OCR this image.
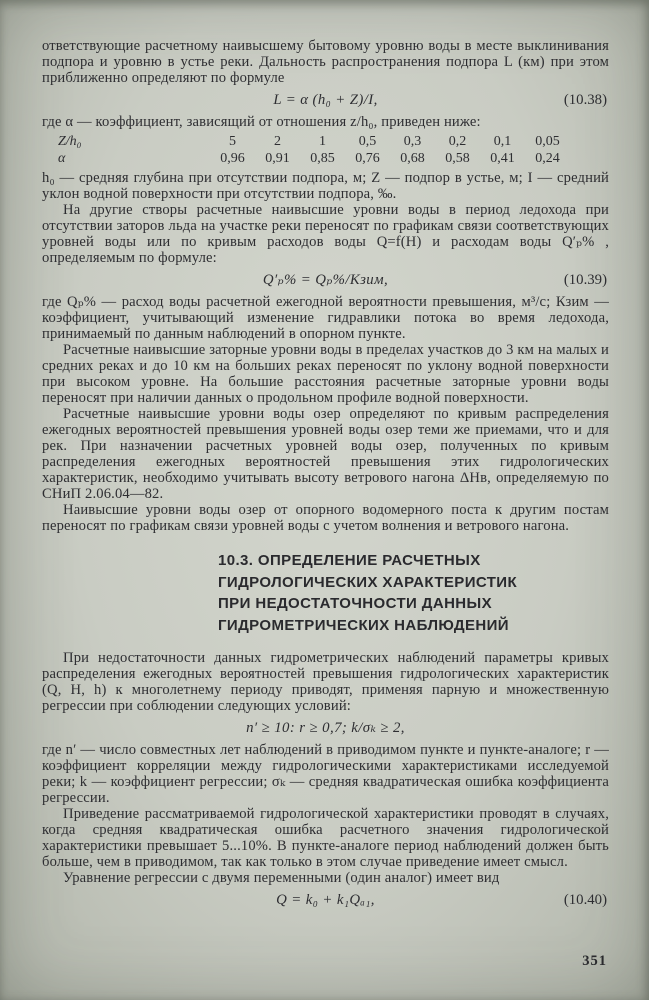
ответствующие расчетному наивысшему бытовому уровню воды в месте выклинивания подпора и уровню в устье реки. Дальность распространения подпора L (км) при этом приближенно определяют по формуле

L = α (h₀ + Z)/I,	(10.38)

где α — коэффициент, зависящий от отношения z/h₀, приведен ниже:

Z/h₀	5	2	1	0,5	0,3	0,2	0,1	0,05
α	0,96	0,91	0,85	0,76	0,68	0,58	0,41	0,24

h₀ — средняя глубина при отсутствии подпора, м; Z — подпор в устье, м; I — средний уклон водной поверхности при отсутствии подпора, ‰.

На другие створы расчетные наивысшие уровни воды в период ледохода при отсутствии заторов льда на участке реки переносят по графикам связи соответствующих уровней воды или по кривым расходов воды Q=f(H) и расходам воды Q′ₚ% , определяемым по формуле:

Q′ₚ% = Qₚ%/Кзим,	(10.39)

где Qₚ% — расход воды расчетной ежегодной вероятности превышения, м³/с; Кзим — коэффициент, учитывающий изменение гидравлики потока во время ледохода, принимаемый по данным наблюдений в опорном пункте.

Расчетные наивысшие заторные уровни воды в пределах участков до 3 км на малых и средних реках и до 10 км на больших реках переносят по уклону водной поверхности при высоком уровне. На большие расстояния расчетные заторные уровни воды переносят при наличии данных о продольном профиле водной поверхности.

Расчетные наивысшие уровни воды озер определяют по кривым распределения ежегодных вероятностей превышения уровней воды озер теми же приемами, что и для рек. При назначении расчетных уровней воды озер, полученных по кривым распределения ежегодных вероятностей превышения этих гидрологических характеристик, необходимо учитывать высоту ветрового нагона ΔHв, определяемую по СНиП 2.06.04—82.

Наивысшие уровни воды озер от опорного водомерного поста к другим постам переносят по графикам связи уровней воды с учетом волнения и ветрового нагона.

10.3. ОПРЕДЕЛЕНИЕ РАСЧЕТНЫХ
ГИДРОЛОГИЧЕСКИХ ХАРАКТЕРИСТИК
ПРИ НЕДОСТАТОЧНОСТИ ДАННЫХ
ГИДРОМЕТРИЧЕСКИХ НАБЛЮДЕНИЙ

При недостаточности данных гидрометрических наблюдений параметры кривых распределения ежегодных вероятностей превышения гидрологических характеристик (Q, H, h) к многолетнему периоду приводят, применяя парную и множественную регрессии при соблюдении следующих условий:

n′ ≥ 10: r ≥ 0,7; k/σₖ ≥ 2,

где n′ — число совместных лет наблюдений в приводимом пункте и пункте-аналоге; r — коэффициент корреляции между гидрологическими характеристиками исследуемой реки; k — коэффициент регрессии; σₖ — средняя квадратическая ошибка коэффициента регрессии.

Приведение рассматриваемой гидрологической характеристики проводят в случаях, когда средняя квадратическая ошибка расчетного значения гидрологической характеристики превышает 5...10%. В пункте-аналоге период наблюдений должен быть больше, чем в приводимом, так как только в этом случае приведение имеет смысл.

Уравнение регрессии с двумя переменными (один аналог) имеет вид

Q = k₀ + k₁Qₐ₁,	(10.40)
351
